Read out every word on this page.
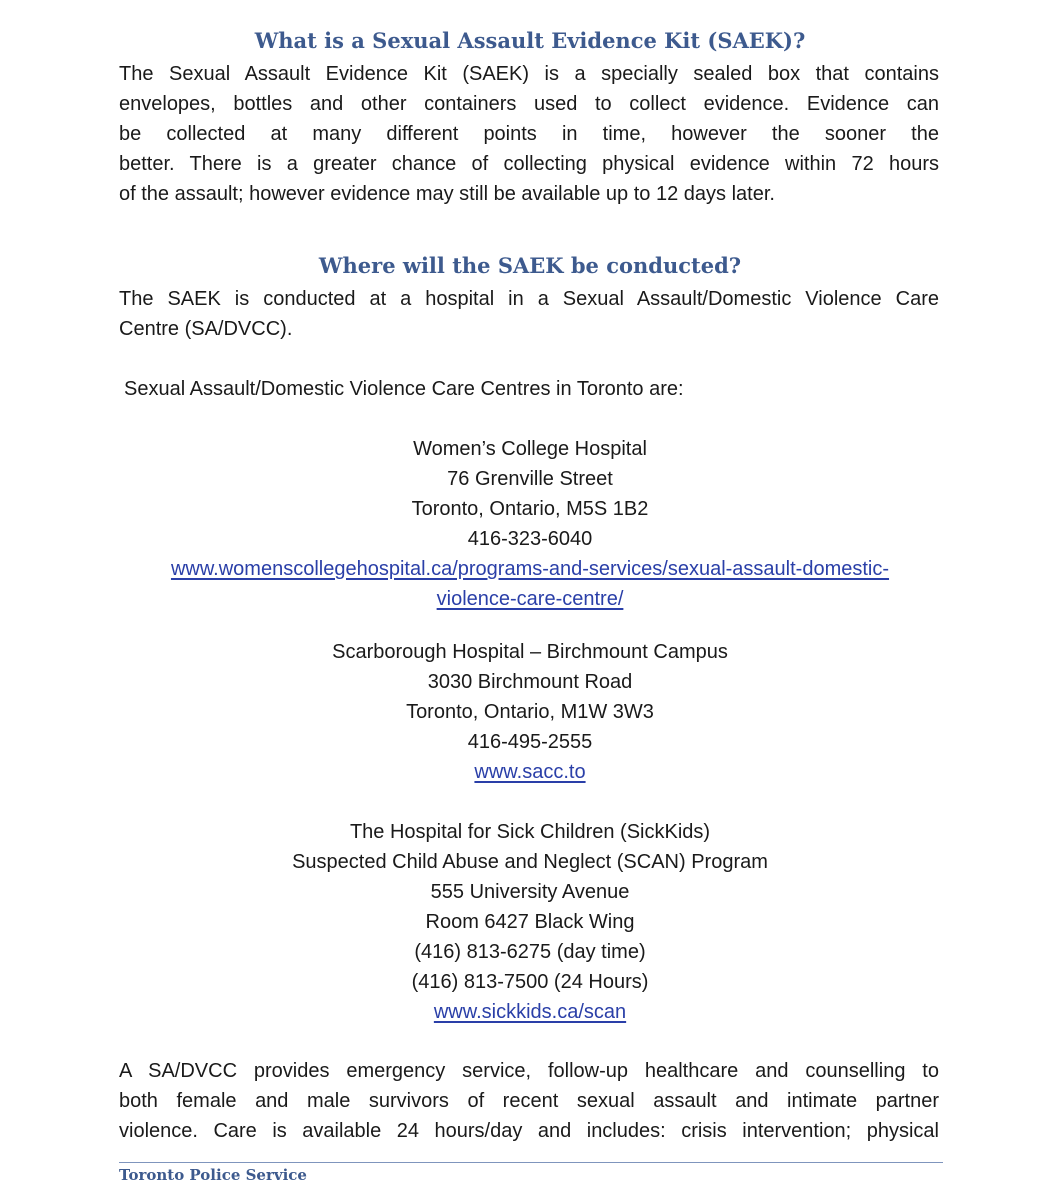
What is a Sexual Assault Evidence Kit (SAEK)?
The Sexual Assault Evidence Kit (SAEK) is a specially sealed box that contains
envelopes, bottles and other containers used to collect evidence. Evidence can
be collected at many different points in time, however the sooner the
better. There is a greater chance of collecting physical evidence within 72 hours
of the assault; however evidence may still be available up to 12 days later.
Where will the SAEK be conducted?
The SAEK is conducted at a hospital in a Sexual Assault/Domestic Violence Care
Centre (SA/DVCC).
Sexual Assault/Domestic Violence Care Centres in Toronto are:
Women’s College Hospital
76 Grenville Street
Toronto, Ontario, M5S 1B2
416-323-6040
www.womenscollegehospital.ca/programs-and-services/sexual-assault-domestic-
violence-care-centre/
Scarborough Hospital – Birchmount Campus
3030 Birchmount Road
Toronto, Ontario, M1W 3W3
416-495-2555
www.sacc.to
The Hospital for Sick Children (SickKids)
Suspected Child Abuse and Neglect (SCAN) Program
555 University Avenue
Room 6427 Black Wing
(416) 813-6275 (day time)
(416) 813-7500 (24 Hours)
www.sickkids.ca/scan
A SA/DVCC provides emergency service, follow-up healthcare and counselling to
both female and male survivors of recent sexual assault and intimate partner
violence. Care is available 24 hours/day and includes: crisis intervention; physical
Toronto Police Service
